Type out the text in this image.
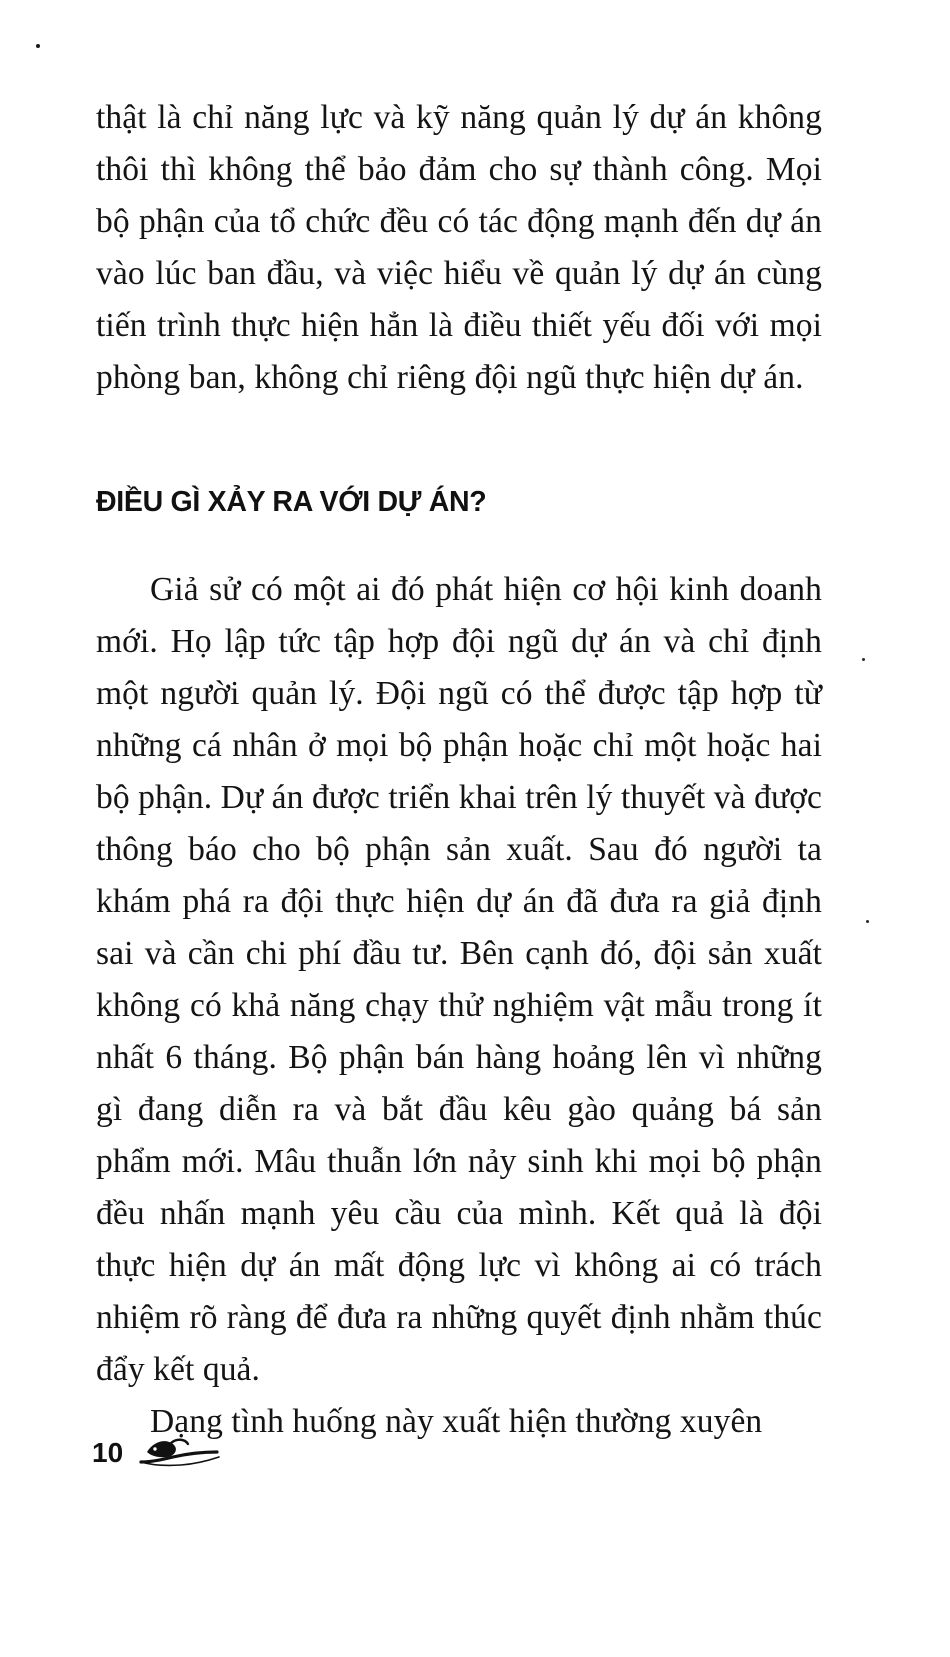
thật là chỉ năng lực và kỹ năng quản lý dự án không thôi thì không thể bảo đảm cho sự thành công. Mọi bộ phận của tổ chức đều có tác động mạnh đến dự án vào lúc ban đầu, và việc hiểu về quản lý dự án cùng tiến trình thực hiện hẳn là điều thiết yếu đối với mọi phòng ban, không chỉ riêng đội ngũ thực hiện dự án.

ĐIỀU GÌ XẢY RA VỚI DỰ ÁN?

Giả sử có một ai đó phát hiện cơ hội kinh doanh mới. Họ lập tức tập hợp đội ngũ dự án và chỉ định một người quản lý. Đội ngũ có thể được tập hợp từ những cá nhân ở mọi bộ phận hoặc chỉ một hoặc hai bộ phận. Dự án được triển khai trên lý thuyết và được thông báo cho bộ phận sản xuất. Sau đó người ta khám phá ra đội thực hiện dự án đã đưa ra giả định sai và cần chi phí đầu tư. Bên cạnh đó, đội sản xuất không có khả năng chạy thử nghiệm vật mẫu trong ít nhất 6 tháng. Bộ phận bán hàng hoảng lên vì những gì đang diễn ra và bắt đầu kêu gào quảng bá sản phẩm mới. Mâu thuẫn lớn nảy sinh khi mọi bộ phận đều nhấn mạnh yêu cầu của mình. Kết quả là đội thực hiện dự án mất động lực vì không ai có trách nhiệm rõ ràng để đưa ra những quyết định nhằm thúc đẩy kết quả.

Dạng tình huống này xuất hiện thường xuyên

10
